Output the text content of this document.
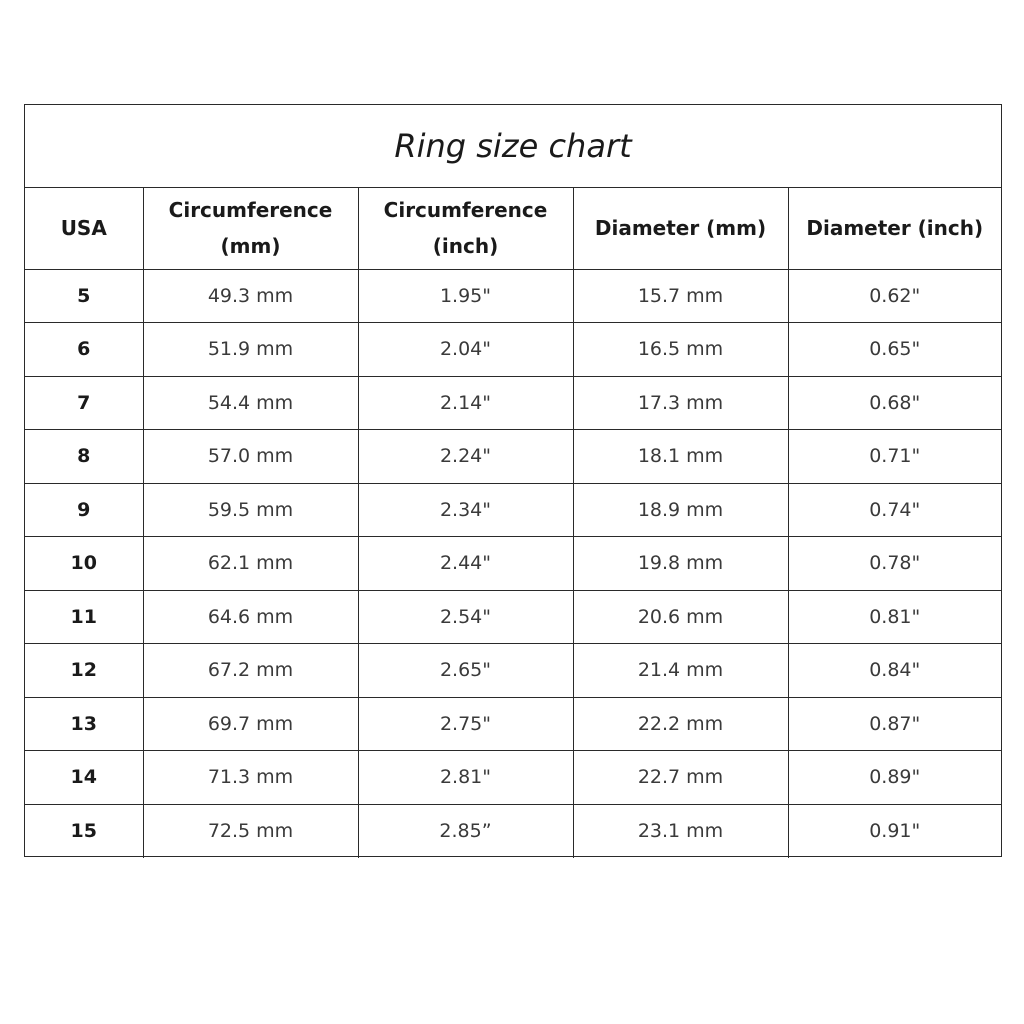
Ring size chart
USA	Circumference (mm)	Circumference (inch)	Diameter (mm)	Diameter (inch)
5	49.3 mm	1.95"	15.7 mm	0.62"
6	51.9 mm	2.04"	16.5 mm	0.65"
7	54.4 mm	2.14"	17.3 mm	0.68"
8	57.0 mm	2.24"	18.1 mm	0.71"
9	59.5 mm	2.34"	18.9 mm	0.74"
10	62.1 mm	2.44"	19.8 mm	0.78"
11	64.6 mm	2.54"	20.6 mm	0.81"
12	67.2 mm	2.65"	21.4 mm	0.84"
13	69.7 mm	2.75"	22.2 mm	0.87"
14	71.3 mm	2.81"	22.7 mm	0.89"
15	72.5 mm	2.85”	23.1 mm	0.91"
